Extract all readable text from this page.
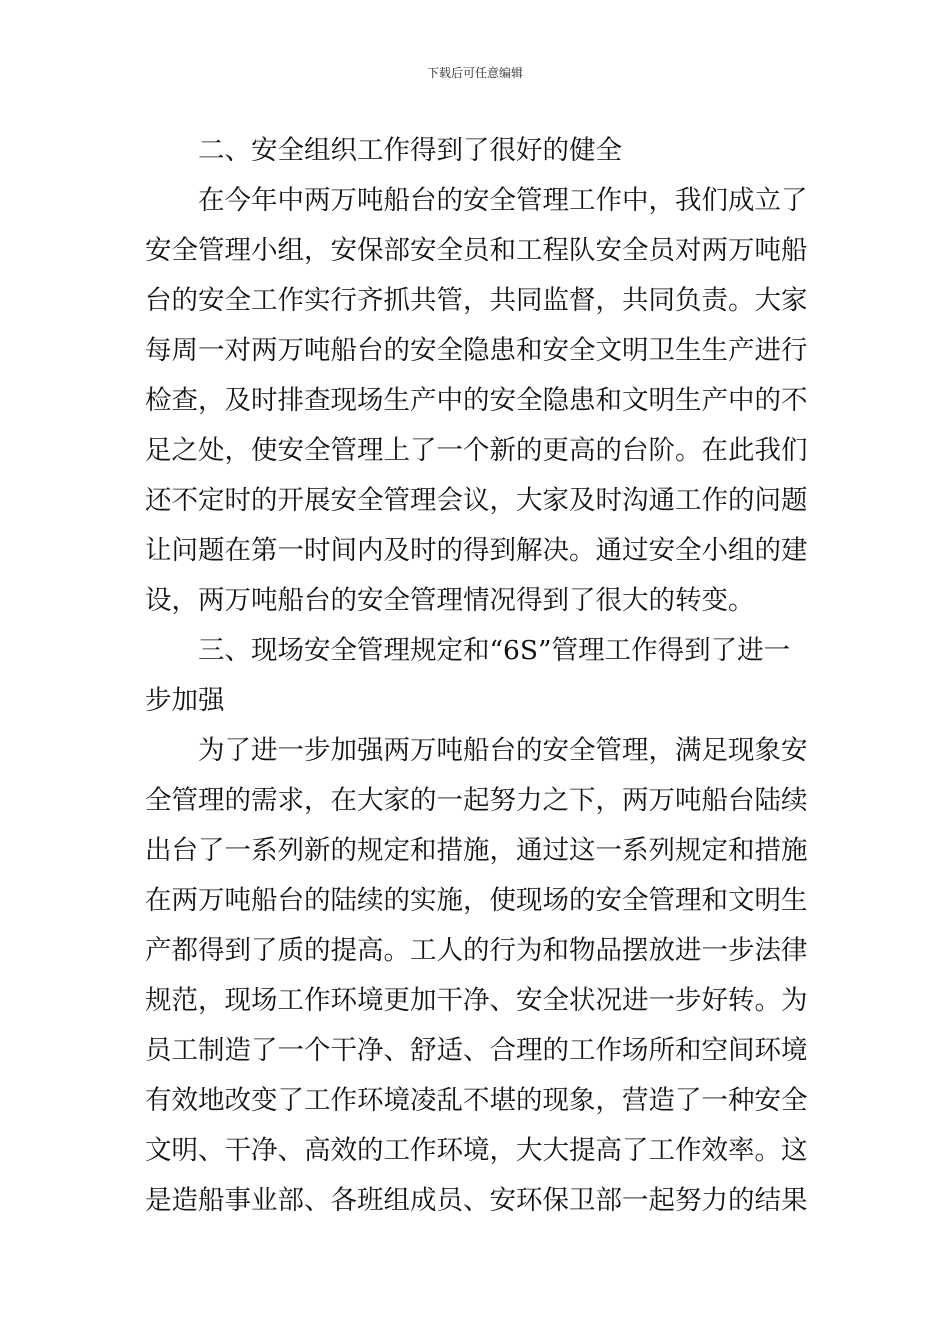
下载后可任意编辑
二、安全组织工作得到了很好的健全
在今年中两万吨船台的安全管理工作中，我们成立了
安全管理小组，安保部安全员和工程队安全员对两万吨船
台的安全工作实行齐抓共管，共同监督，共同负责。大家
每周一对两万吨船台的安全隐患和安全文明卫生生产进行
检查，及时排查现场生产中的安全隐患和文明生产中的不
足之处，使安全管理上了一个新的更高的台阶。在此我们
还不定时的开展安全管理会议，大家及时沟通工作的问题
让问题在第一时间内及时的得到解决。通过安全小组的建
设，两万吨船台的安全管理情况得到了很大的转变。
三、现场安全管理规定和“6S”管理工作得到了进一
步加强
为了进一步加强两万吨船台的安全管理，满足现象安
全管理的需求，在大家的一起努力之下，两万吨船台陆续
出台了一系列新的规定和措施，通过这一系列规定和措施
在两万吨船台的陆续的实施，使现场的安全管理和文明生
产都得到了质的提高。工人的行为和物品摆放进一步法律
规范，现场工作环境更加干净、安全状况进一步好转。为
员工制造了一个干净、舒适、合理的工作场所和空间环境
有效地改变了工作环境凌乱不堪的现象，营造了一种安全
文明、干净、高效的工作环境，大大提高了工作效率。这
是造船事业部、各班组成员、安环保卫部一起努力的结果
